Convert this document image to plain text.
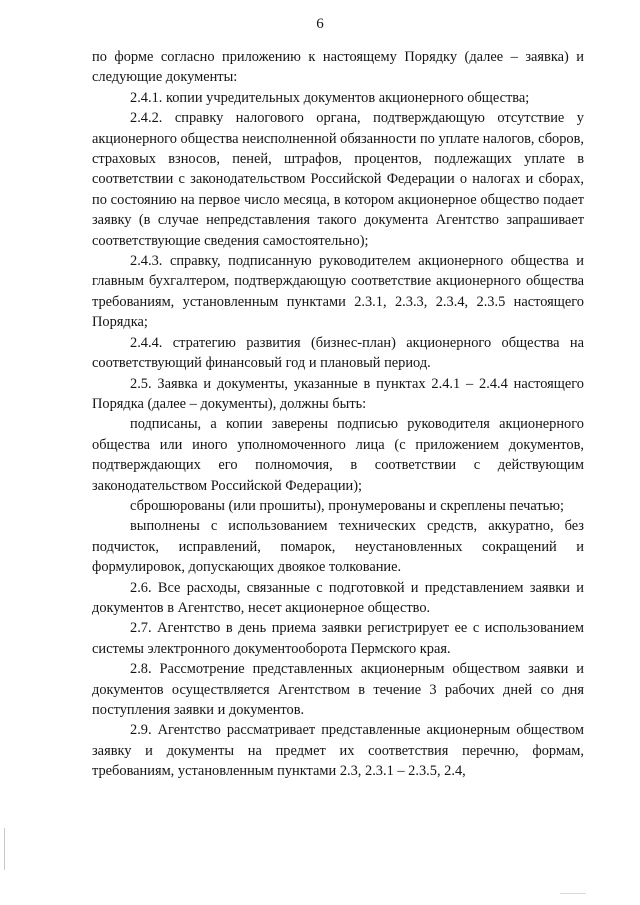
6

по форме согласно приложению к настоящему Порядку (далее – заявка) и следующие документы:

2.4.1. копии учредительных документов акционерного общества;

2.4.2. справку налогового органа, подтверждающую отсутствие у акционерного общества неисполненной обязанности по уплате налогов, сборов, страховых взносов, пеней, штрафов, процентов, подлежащих уплате в соответствии с законодательством Российской Федерации о налогах и сборах, по состоянию на первое число месяца, в котором акционерное общество подает заявку (в случае непредставления такого документа Агентство запрашивает соответствующие сведения самостоятельно);

2.4.3. справку, подписанную руководителем акционерного общества и главным бухгалтером, подтверждающую соответствие акционерного общества требованиям, установленным пунктами 2.3.1, 2.3.3, 2.3.4, 2.3.5 настоящего Порядка;

2.4.4. стратегию развития (бизнес-план) акционерного общества на соответствующий финансовый год и плановый период.

2.5. Заявка и документы, указанные в пунктах 2.4.1 – 2.4.4 настоящего Порядка (далее – документы), должны быть:

подписаны, а копии заверены подписью руководителя акционерного общества или иного уполномоченного лица (с приложением документов, подтверждающих его полномочия, в соответствии с действующим законодательством Российской Федерации);

сброшюрованы (или прошиты), пронумерованы и скреплены печатью;

выполнены с использованием технических средств, аккуратно, без подчисток, исправлений, помарок, неустановленных сокращений и формулировок, допускающих двоякое толкование.

2.6. Все расходы, связанные с подготовкой и представлением заявки и документов в Агентство, несет акционерное общество.

2.7. Агентство в день приема заявки регистрирует ее с использованием системы электронного документооборота Пермского края.

2.8. Рассмотрение представленных акционерным обществом заявки и документов осуществляется Агентством в течение 3 рабочих дней со дня поступления заявки и документов.

2.9. Агентство рассматривает представленные акционерным обществом заявку и документы на предмет их соответствия перечню, формам, требованиям, установленным пунктами 2.3, 2.3.1 – 2.3.5, 2.4,
